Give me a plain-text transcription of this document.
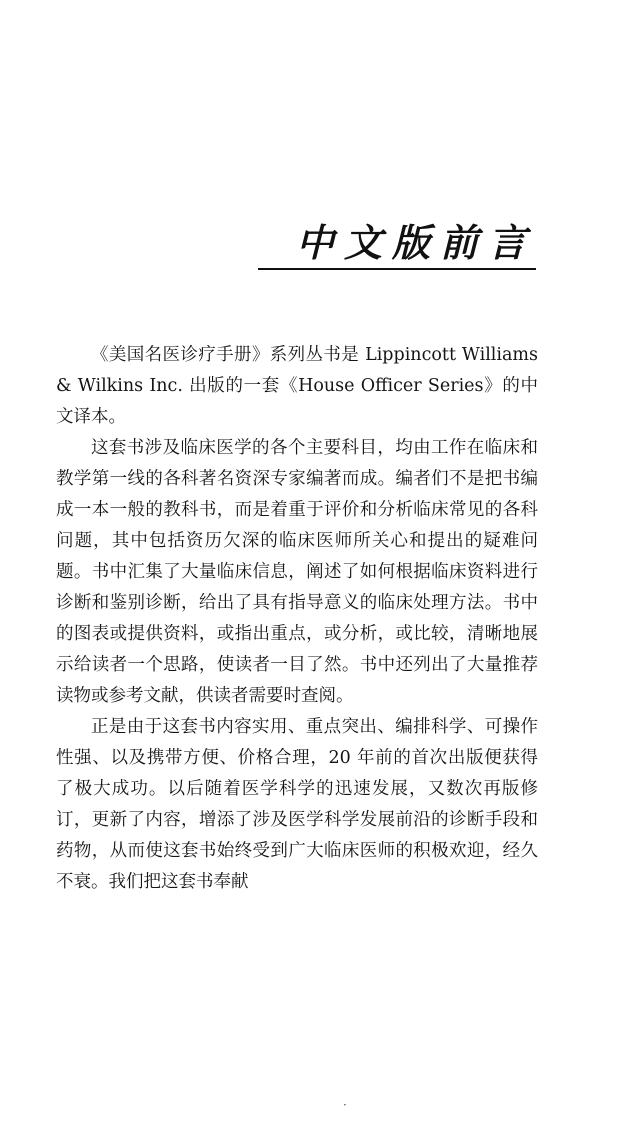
中文版前言

《美国名医诊疗手册》系列丛书是 Lippincott Williams & Wilkins Inc. 出版的一套《House Officer Series》的中文译本。

这套书涉及临床医学的各个主要科目，均由工作在临床和教学第一线的各科著名资深专家编著而成。编者们不是把书编成一本一般的教科书，而是着重于评价和分析临床常见的各科问题，其中包括资历欠深的临床医师所关心和提出的疑难问题。书中汇集了大量临床信息，阐述了如何根据临床资料进行诊断和鉴别诊断，给出了具有指导意义的临床处理方法。书中的图表或提供资料，或指出重点，或分析，或比较，清晰地展示给读者一个思路，使读者一目了然。书中还列出了大量推荐读物或参考文献，供读者需要时查阅。

正是由于这套书内容实用、重点突出、编排科学、可操作性强、以及携带方便、价格合理，20 年前的首次出版便获得了极大成功。以后随着医学科学的迅速发展，又数次再版修订，更新了内容，增添了涉及医学科学发展前沿的诊断手段和药物，从而使这套书始终受到广大临床医师的积极欢迎，经久不衰。我们把这套书奉献

·
